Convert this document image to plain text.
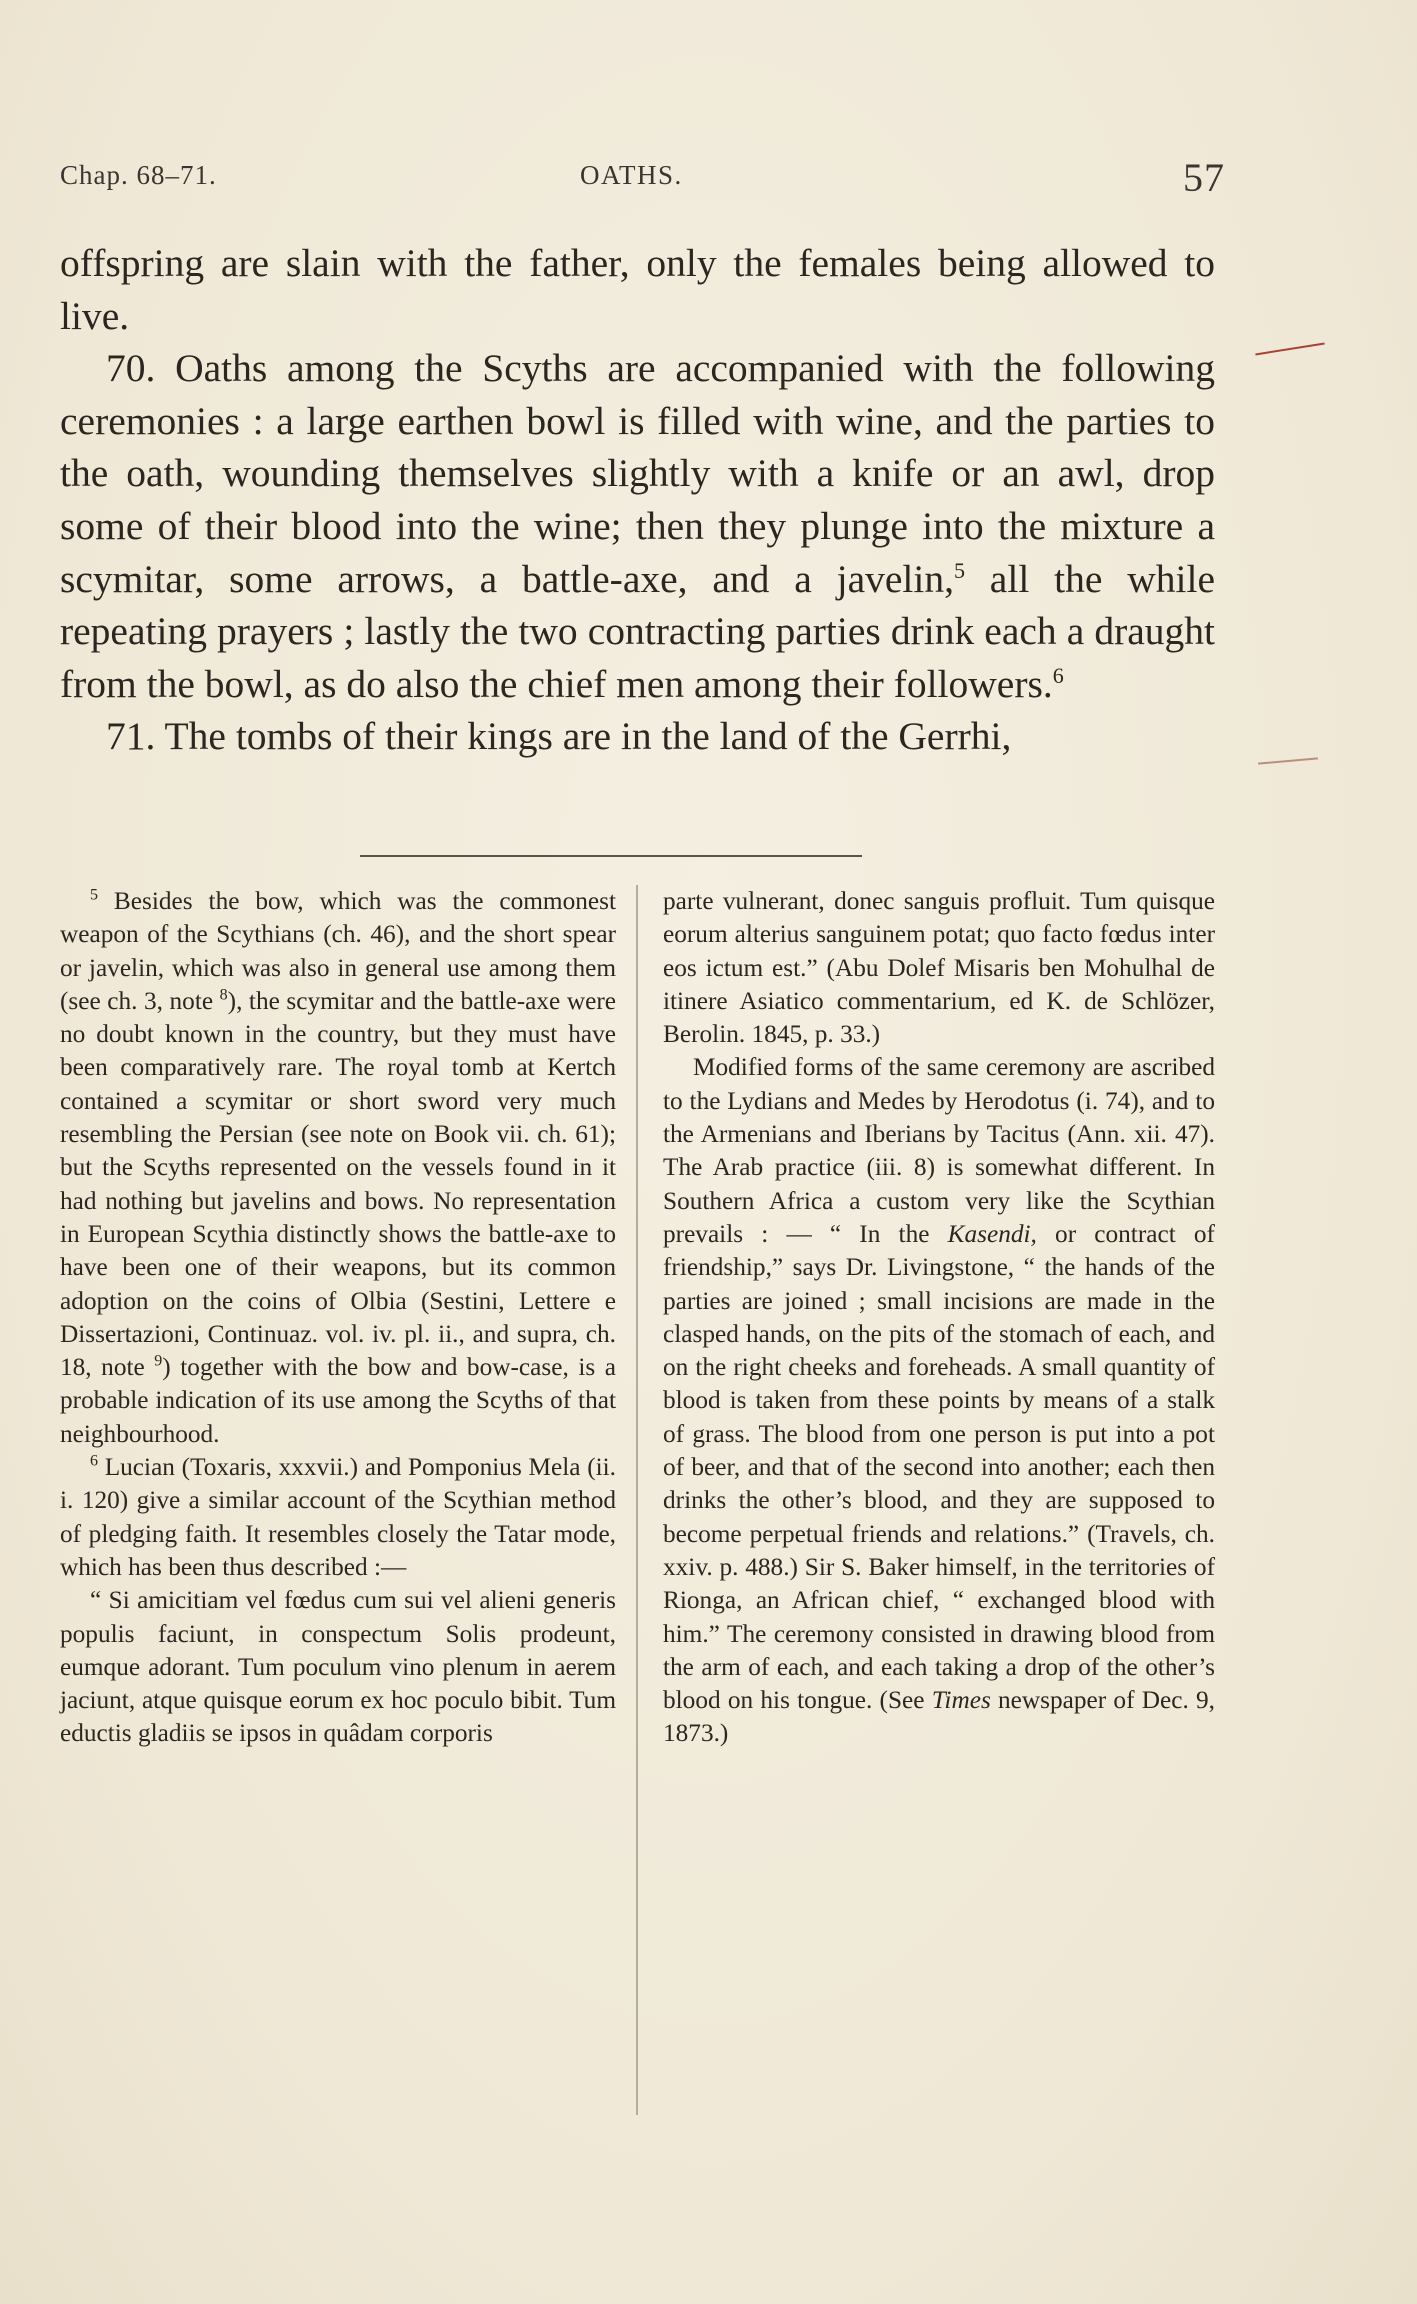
Chap. 68–71.	OATHS.	57

offspring are slain with the father, only the females being allowed to live.

70. Oaths among the Scyths are accompanied with the following ceremonies : a large earthen bowl is filled with wine, and the parties to the oath, wounding themselves slightly with a knife or an awl, drop some of their blood into the wine; then they plunge into the mixture a scymitar, some arrows, a battle-axe, and a javelin,$^5$ all the while repeating prayers ; lastly the two contracting parties drink each a draught from the bowl, as do also the chief men among their followers.$^6$

71. The tombs of their kings are in the land of the Gerrhi,

$^5$ Besides the bow, which was the commonest weapon of the Scythians (ch. 46), and the short spear or javelin, which was also in general use among them (see ch. 3, note $^8$), the scymitar and the battle-axe were no doubt known in the country, but they must have been comparatively rare. The royal tomb at Kertch contained a scymitar or short sword very much resembling the Persian (see note on Book vii. ch. 61); but the Scyths represented on the vessels found in it had nothing but javelins and bows. No representation in European Scythia distinctly shows the battle-axe to have been one of their weapons, but its common adoption on the coins of Olbia (Sestini, Lettere e Dissertazioni, Continuaz. vol. iv. pl. ii., and supra, ch. 18, note $^9$) together with the bow and bow-case, is a probable indication of its use among the Scyths of that neighbourhood.

$^6$ Lucian (Toxaris, xxxvii.) and Pomponius Mela (ii. i. 120) give a similar account of the Scythian method of pledging faith. It resembles closely the Tatar mode, which has been thus described :—

“ Si amicitiam vel fœdus cum sui vel alieni generis populis faciunt, in conspectum Solis prodeunt, eumque adorant. Tum poculum vino plenum in aerem jaciunt, atque quisque eorum ex hoc poculo bibit. Tum eductis gladiis se ipsos in quâdam corporis

parte vulnerant, donec sanguis profluit. Tum quisque eorum alterius sanguinem potat; quo facto fœdus inter eos ictum est.” (Abu Dolef Misaris ben Mohulhal de itinere Asiatico commentarium, ed K. de Schlözer, Berolin. 1845, p. 33.)

Modified forms of the same ceremony are ascribed to the Lydians and Medes by Herodotus (i. 74), and to the Armenians and Iberians by Tacitus (Ann. xii. 47). The Arab practice (iii. 8) is somewhat different. In Southern Africa a custom very like the Scythian prevails : — “ In the Kasendi, or contract of friendship,” says Dr. Livingstone, “ the hands of the parties are joined ; small incisions are made in the clasped hands, on the pits of the stomach of each, and on the right cheeks and foreheads. A small quantity of blood is taken from these points by means of a stalk of grass. The blood from one person is put into a pot of beer, and that of the second into another; each then drinks the other’s blood, and they are supposed to become perpetual friends and relations.” (Travels, ch. xxiv. p. 488.) Sir S. Baker himself, in the territories of Rionga, an African chief, “ exchanged blood with him.” The ceremony consisted in drawing blood from the arm of each, and each taking a drop of the other’s blood on his tongue. (See Times newspaper of Dec. 9, 1873.)
